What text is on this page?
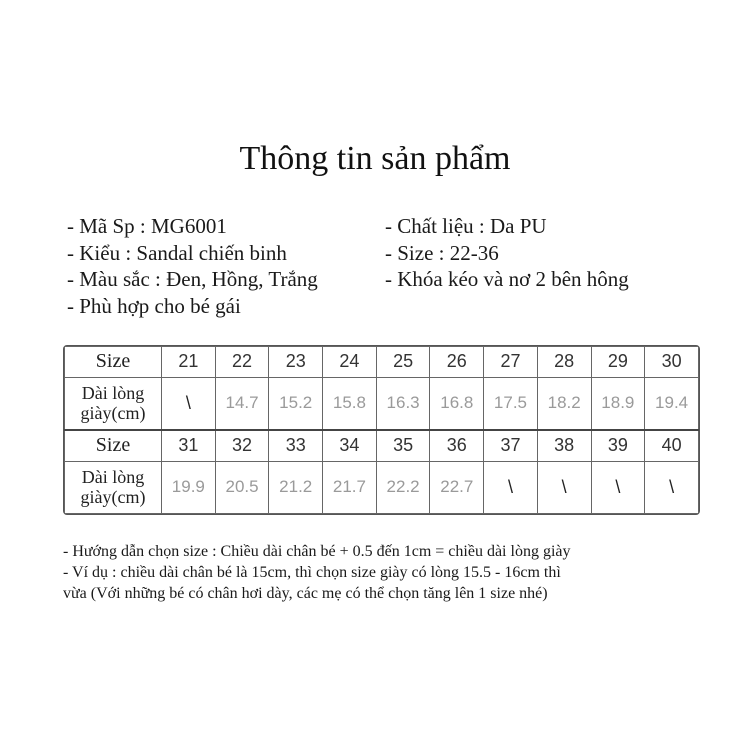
Thông tin sản phẩm
- Mã Sp : MG6001
- Kiểu : Sandal chiến binh
- Màu sắc : Đen, Hồng, Trắng
- Phù hợp cho bé gái
- Chất liệu : Da PU
- Size : 22-36
- Khóa kéo và nơ 2 bên hông
Size	21	22	23	24	25	26	27	28	29	30

Dài lòng
giày(cm)	\	14.7	15.2	15.8	16.3	16.8	17.5	18.2	18.9	19.4
Size	31	32	33	34	35	36	37	38	39	40

Dài lòng
giày(cm)	19.9	20.5	21.2	21.7	22.2	22.7	\	\	\	\
- Hướng dẫn chọn size : Chiều dài chân bé + 0.5 đến 1cm = chiều dài lòng giày
- Ví dụ : chiều dài chân bé là 15cm, thì chọn size giày có lòng 15.5 - 16cm thì
vừa (Với những bé có chân hơi dày, các mẹ có thể chọn tăng lên 1 size nhé)
